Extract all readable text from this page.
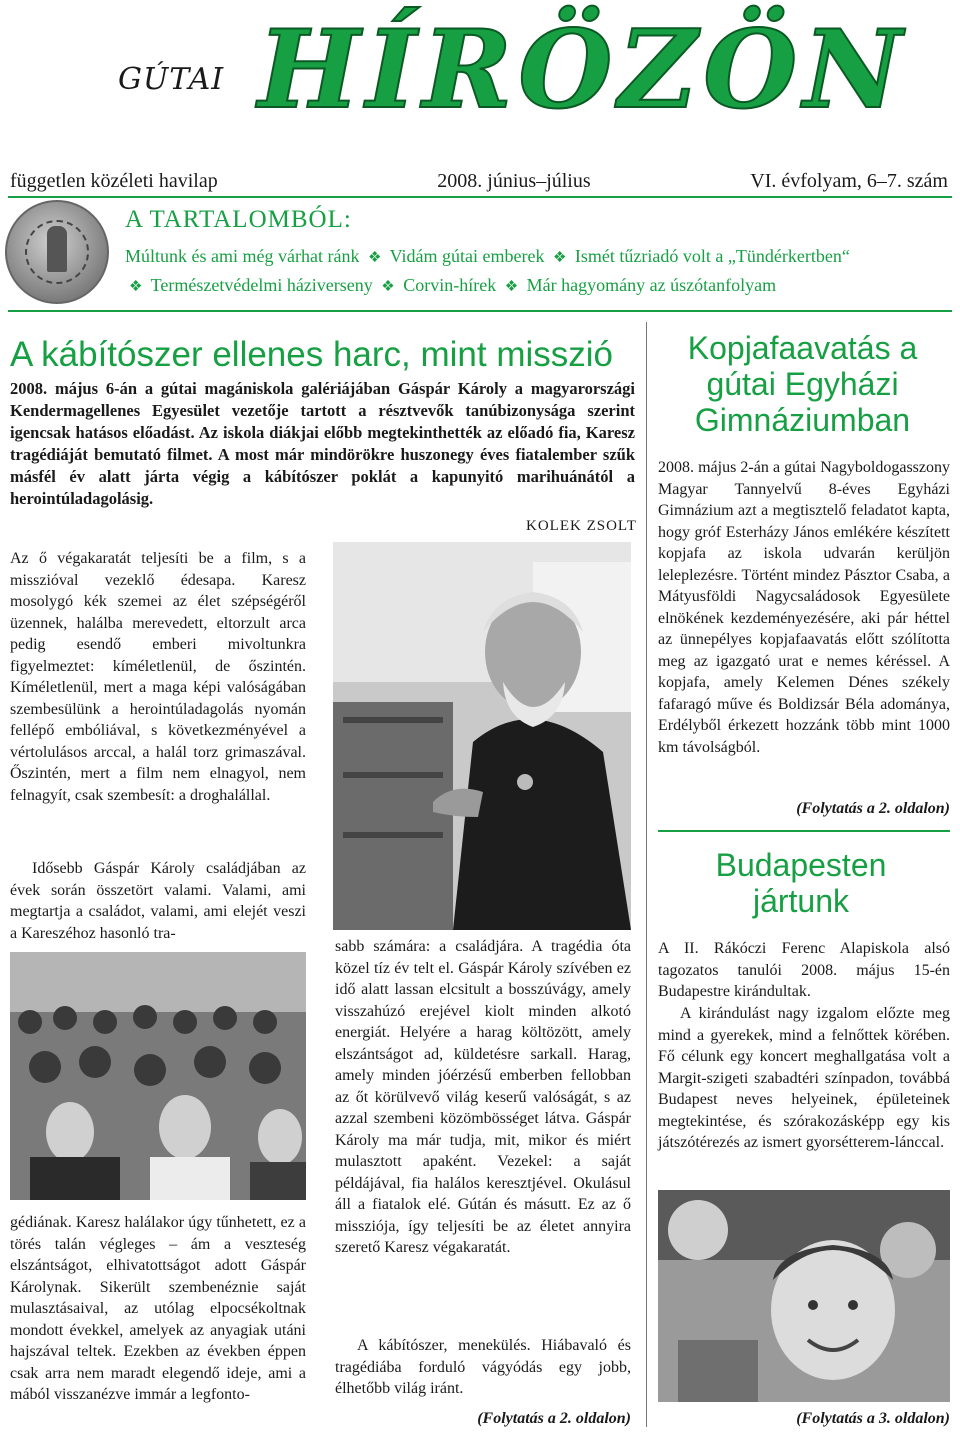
GÚTAI HÍRÖZÖN
független közéleti havilap	2008. június–július	VI. évfolyam, 6–7. szám
A TARTALOMBÓL:
Múltunk és ami még várhat ránk ❖ Vidám gútai emberek ❖ Ismét tűzriadó volt a „Tündérkertben“
❖ Természetvédelmi háziverseny ❖ Corvin-hírek ❖ Már hagyomány az úszótanfolyam
A kábítószer ellenes harc, mint misszió
2008. május 6-án a gútai magániskola galériájában Gáspár Károly a magyarországi Kendermagellenes Egyesület vezetője tartott a résztvevők tanúbizonysága szerint igencsak hatásos előadást. Az iskola diákjai előbb megtekinthették az előadó fia, Karesz tragédiáját bemutató filmet. A most már mindörökre huszonegy éves fiatalember szűk másfél év alatt járta végig a kábítószer poklát a kapunyitó marihuánától a herointúladagolásig.
KOLEK ZSOLT
Az ő végakaratát teljesíti be a film, s a misszióval vezeklő édesapa. Karesz mosolygó kék szemei az élet szépségéről üzennek, halálba merevedett, eltorzult arca pedig esendő emberi mivoltunkra figyelmeztet: kíméletlenül, de őszintén. Kíméletlenül, mert a maga képi valóságában szembesülünk a herointúladagolás nyomán fellépő embóliával, s következményével a vértolulásos arccal, a halál torz grimaszával. Őszintén, mert a film nem elnagyol, nem felnagyít, csak szembesít: a droghalállal.
Idősebb Gáspár Károly családjában az évek során összetört valami. Valami, ami megtartja a családot, valami, ami elejét veszi a Kareszéhoz hasonló tra-
gédiának. Karesz halálakor úgy tűnhetett, ez a törés talán végleges – ám a veszteség elszántságot, elhivatottságot adott Gáspár Károlynak. Sikerült szembenéznie saját mulasztásaival, az utólag elpocsékoltnak mondott évekkel, amelyek az anyagiak utáni hajszával teltek. Ezekben az években éppen csak arra nem maradt elegendő ideje, ami a mából visszanézve immár a legfonto-
sabb számára: a családjára. A tragédia óta közel tíz év telt el. Gáspár Károly szívében ez idő alatt lassan elcsitult a bosszúvágy, amely visszahúzó erejével kiolt minden alkotó energiát. Helyére a harag költözött, amely elszántságot ad, küldetésre sarkall. Harag, amely minden jóérzésű emberben fellobban az őt körülvevő világ keserű valóságát, s az azzal szembeni közömbösséget látva. Gáspár Károly ma már tudja, mit, mikor és miért mulasztott apaként. Vezekel: a saját példájával, fia halálos keresztjével. Okulásul áll a fiatalok elé. Gútán és másutt. Ez az ő missziója, így teljesíti be az életet annyira szerető Karesz végakaratát.
A kábítószer, menekülés. Hiábavaló és tragédiába forduló vágyódás egy jobb, élhetőbb világ iránt.
(Folytatás a 2. oldalon)
Kopjafaavatás a gútai Egyházi Gimnáziumban
2008. május 2-án a gútai Nagyboldogasszony Magyar Tannyelvű 8-éves Egyházi Gimnázium azt a megtisztelő feladatot kapta, hogy gróf Esterházy János emlékére készített kopjafa az iskola udvarán kerüljön leleplezésre. Történt mindez Pásztor Csaba, a Mátyusföldi Nagycsaládosok Egyesülete elnökének kezdeményezésére, aki pár héttel az ünnepélyes kopjafaavatás előtt szólította meg az igazgató urat e nemes kéréssel. A kopjafa, amely Kelemen Dénes székely fafaragó műve és Boldizsár Béla adománya, Erdélyből érkezett hozzánk több mint 1000 km távolságból.
(Folytatás a 2. oldalon)
Budapesten jártunk
A II. Rákóczi Ferenc Alapiskola alsó tagozatos tanulói 2008. május 15-én Budapestre kirándultak.
A kirándulást nagy izgalom előzte meg mind a gyerekek, mind a felnőttek körében. Fő célunk egy koncert meghallgatása volt a Margit-szigeti szabadtéri színpadon, továbbá Budapest neves helyeinek, épületeinek megtekintése, és szórakozásképp egy kis játszótérezés az ismert gyorsétterem-lánccal.
(Folytatás a 3. oldalon)
